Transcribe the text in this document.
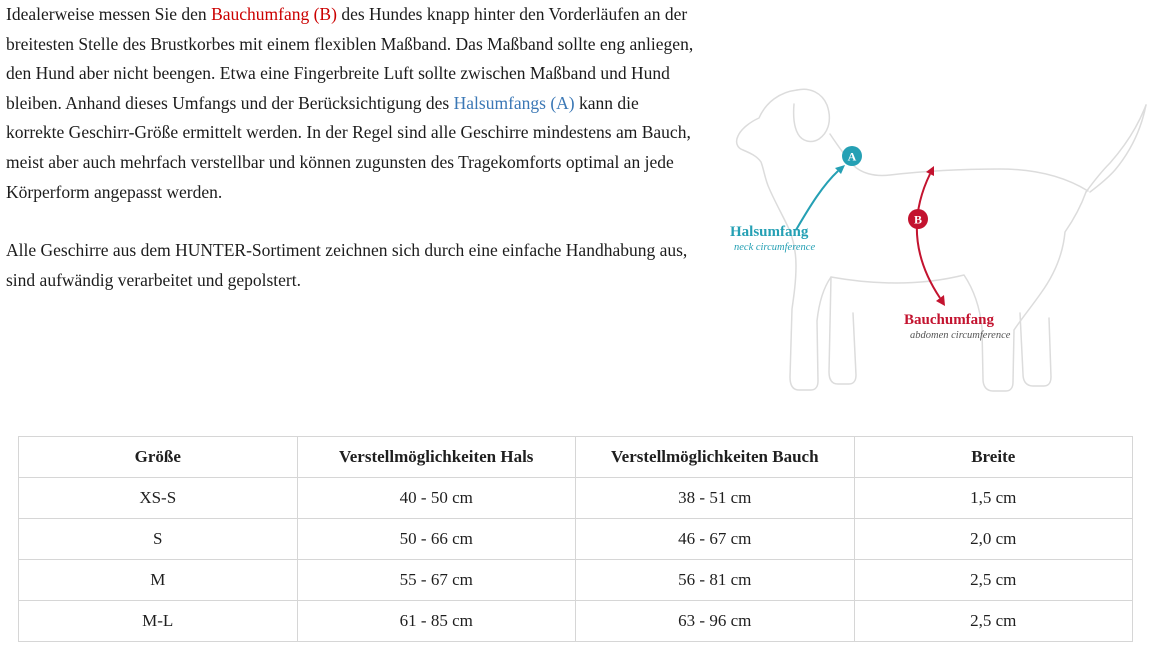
Idealerweise messen Sie den Bauchumfang (B) des Hundes knapp hinter den Vorderläufen an der breitesten Stelle des Brustkorbes mit einem flexiblen Maßband. Das Maßband sollte eng anliegen, den Hund aber nicht beengen. Etwa eine Fingerbreite Luft sollte zwischen Maßband und Hund bleiben. Anhand dieses Umfangs und der Berücksichtigung des Halsumfangs (A) kann die korrekte Geschirr-Größe ermittelt werden. In der Regel sind alle Geschirre mindestens am Bauch, meist aber auch mehrfach verstellbar und können zugunsten des Tragekomforts optimal an jede Körperform angepasst werden.

Alle Geschirre aus dem HUNTER-Sortiment zeichnen sich durch eine einfache Handhabung aus, sind aufwändig verarbeitet und gepolstert.

A
Halsumfang
neck circumference
B
Bauchumfang
abdomen circumference
Größe	Verstellmöglichkeiten Hals	Verstellmöglichkeiten Bauch	Breite
XS-S	40 - 50 cm	38 - 51 cm	1,5 cm
S	50 - 66 cm	46 - 67 cm	2,0 cm
M	55 - 67 cm	56 - 81 cm	2,5 cm
M-L	61 - 85 cm	63 - 96 cm	2,5 cm
